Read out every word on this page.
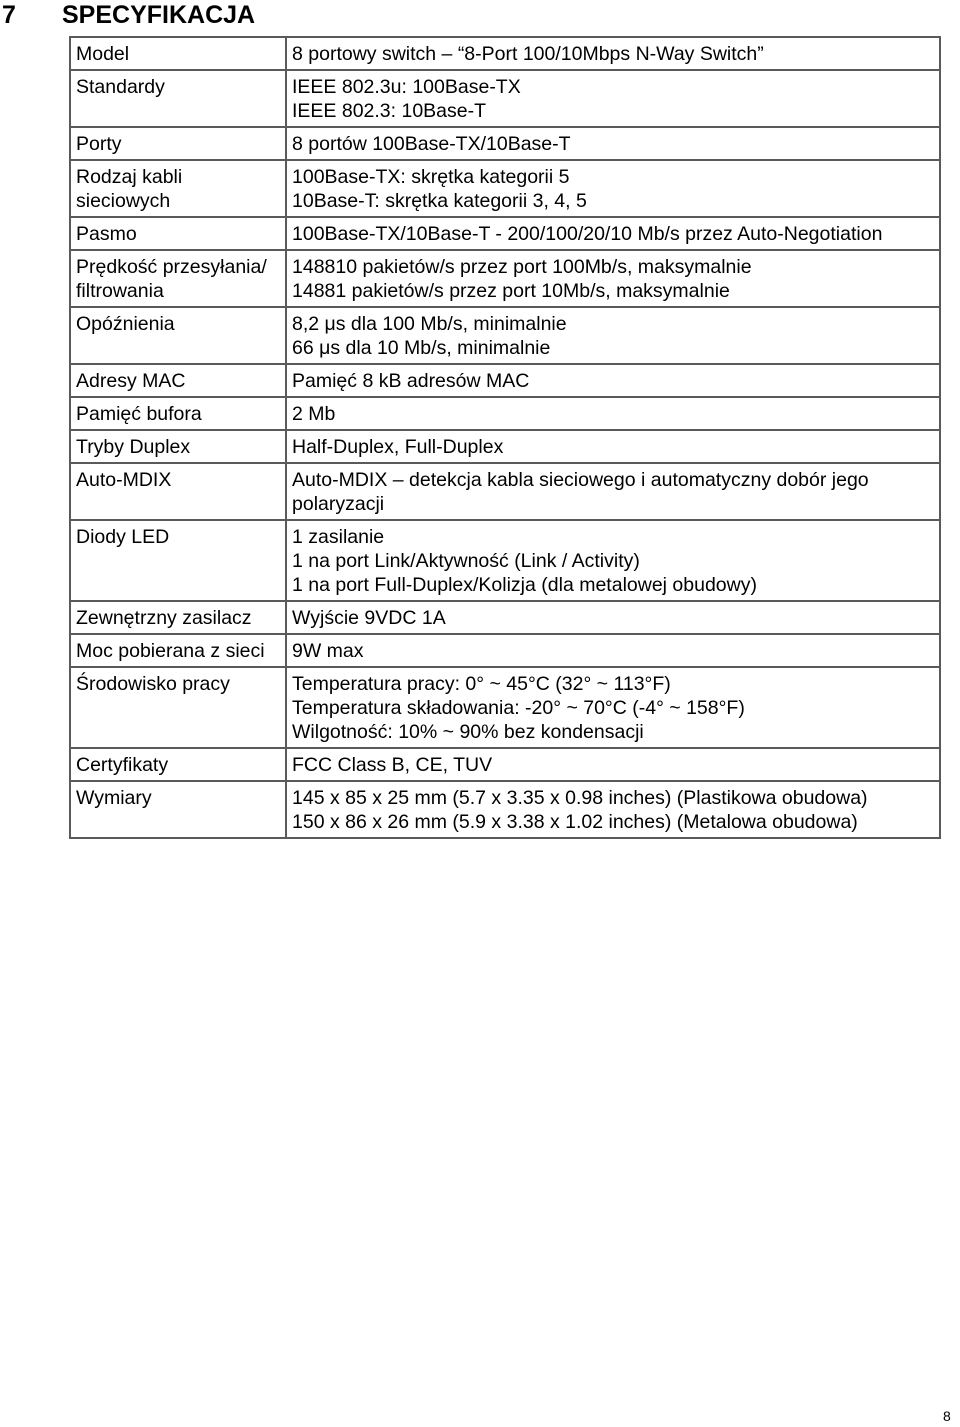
7 SPECYFIKACJA
Model	8 portowy switch – “8-Port 100/10Mbps N-Way Switch”

Standardy	IEEE 802.3u: 100Base-TX
IEEE 802.3: 10Base-T

Porty	8 portów 100Base-TX/10Base-T

Rodzaj kabli
sieciowych	100Base-TX: skrętka kategorii 5
10Base-T: skrętka kategorii 3, 4, 5

Pasmo	100Base-TX/10Base-T - 200/100/20/10 Mb/s przez Auto-Negotiation

Prędkość przesyłania/
filtrowania	148810 pakietów/s przez port 100Mb/s, maksymalnie
14881 pakietów/s przez port 10Mb/s, maksymalnie

Opóźnienia	8,2 μs dla 100 Mb/s, minimalnie
66 μs dla 10 Mb/s, minimalnie

Adresy MAC	Pamięć 8 kB adresów MAC

Pamięć bufora	2 Mb

Tryby Duplex	Half-Duplex, Full-Duplex

Auto-MDIX	Auto-MDIX – detekcja kabla sieciowego i automatyczny dobór jego
polaryzacji

Diody LED	1 zasilanie
1 na port Link/Aktywność (Link / Activity)
1 na port Full-Duplex/Kolizja (dla metalowej obudowy)

Zewnętrzny zasilacz	Wyjście 9VDC 1A

Moc pobierana z sieci	9W max

Środowisko pracy	Temperatura pracy: 0° ~ 45°C (32° ~ 113°F)
Temperatura składowania: -20° ~ 70°C (-4° ~ 158°F)
Wilgotność: 10% ~ 90% bez kondensacji

Certyfikaty	FCC Class B, CE, TUV

Wymiary	145 x 85 x 25 mm (5.7 x 3.35 x 0.98 inches) (Plastikowa obudowa)
150 x 86 x 26 mm (5.9 x 3.38 x 1.02 inches) (Metalowa obudowa)
8
